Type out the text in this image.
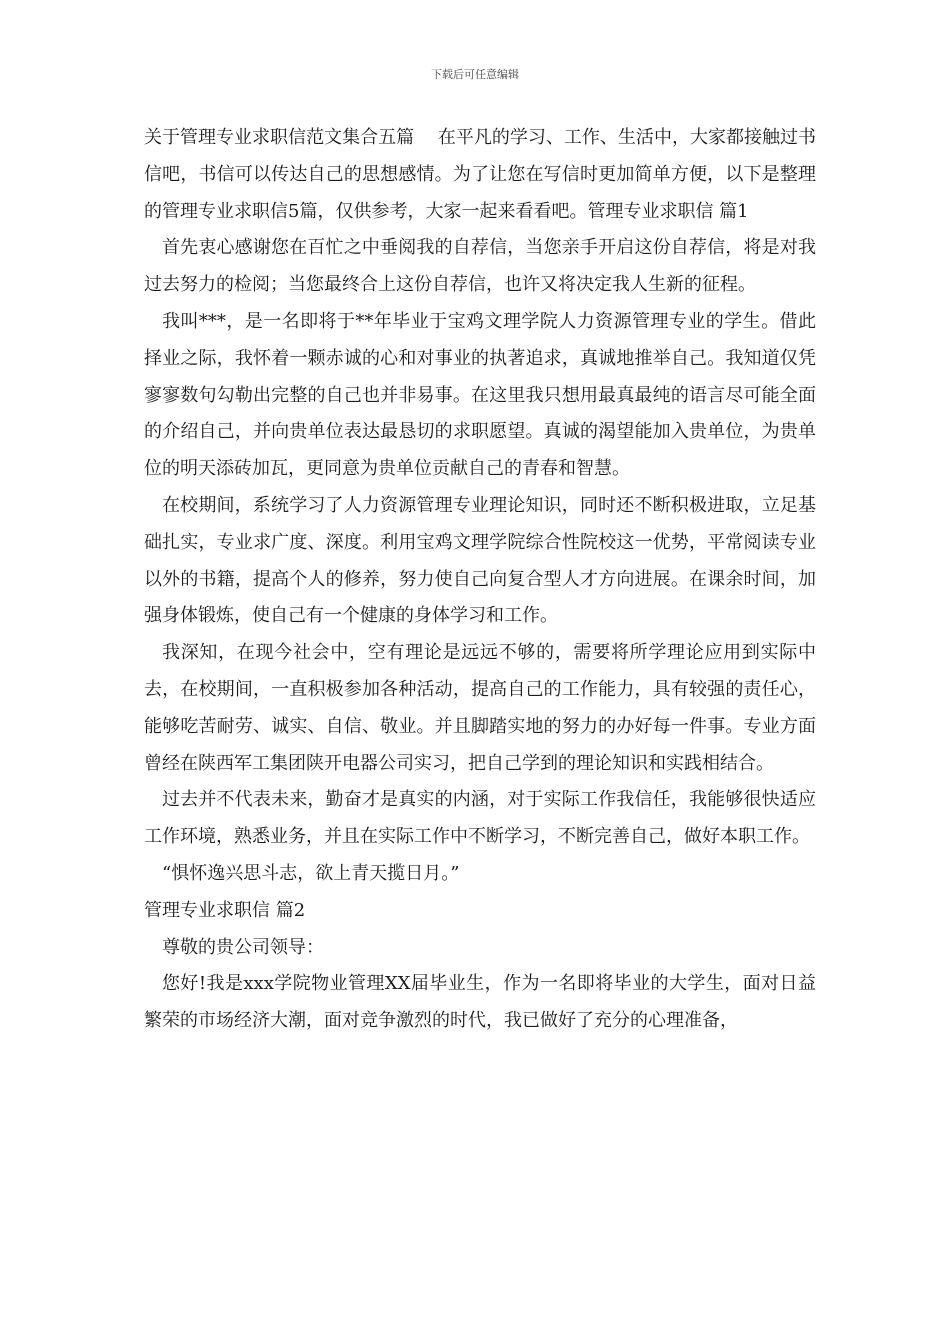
下载后可任意编辑

关于管理专业求职信范文集合五篇　 在平凡的学习、工作、生活中，大家都接触过书信吧，书信可以传达自己的思想感情。为了让您在写信时更加简单方便，以下是整理的管理专业求职信5篇，仅供参考，大家一起来看看吧。管理专业求职信 篇1

首先衷心感谢您在百忙之中垂阅我的自荐信，当您亲手开启这份自荐信，将是对我过去努力的检阅；当您最终合上这份自荐信，也许又将决定我人生新的征程。

我叫***，是一名即将于**年毕业于宝鸡文理学院人力资源管理专业的学生。借此择业之际，我怀着一颗赤诚的心和对事业的执著追求，真诚地推举自己。我知道仅凭寥寥数句勾勒出完整的自己也并非易事。在这里我只想用最真最纯的语言尽可能全面的介绍自己，并向贵单位表达最恳切的求职愿望。真诚的渴望能加入贵单位，为贵单位的明天添砖加瓦，更同意为贵单位贡献自己的青春和智慧。

在校期间，系统学习了人力资源管理专业理论知识，同时还不断积极进取，立足基础扎实，专业求广度、深度。利用宝鸡文理学院综合性院校这一优势，平常阅读专业以外的书籍，提高个人的修养，努力使自己向复合型人才方向进展。在课余时间，加强身体锻炼，使自己有一个健康的身体学习和工作。

我深知，在现今社会中，空有理论是远远不够的，需要将所学理论应用到实际中去，在校期间，一直积极参加各种活动，提高自己的工作能力，具有较强的责任心，能够吃苦耐劳、诚实、自信、敬业。并且脚踏实地的努力的办好每一件事。专业方面曾经在陕西军工集团陕开电器公司实习，把自己学到的理论知识和实践相结合。

过去并不代表未来，勤奋才是真实的内涵，对于实际工作我信任，我能够很快适应工作环境，熟悉业务，并且在实际工作中不断学习，不断完善自己，做好本职工作。

“惧怀逸兴思斗志，欲上青天揽日月。”

管理专业求职信 篇2

尊敬的贵公司领导：

您好!我是xxx学院物业管理XX届毕业生，作为一名即将毕业的大学生，面对日益繁荣的市场经济大潮，面对竞争激烈的时代，我已做好了充分的心理准备，
